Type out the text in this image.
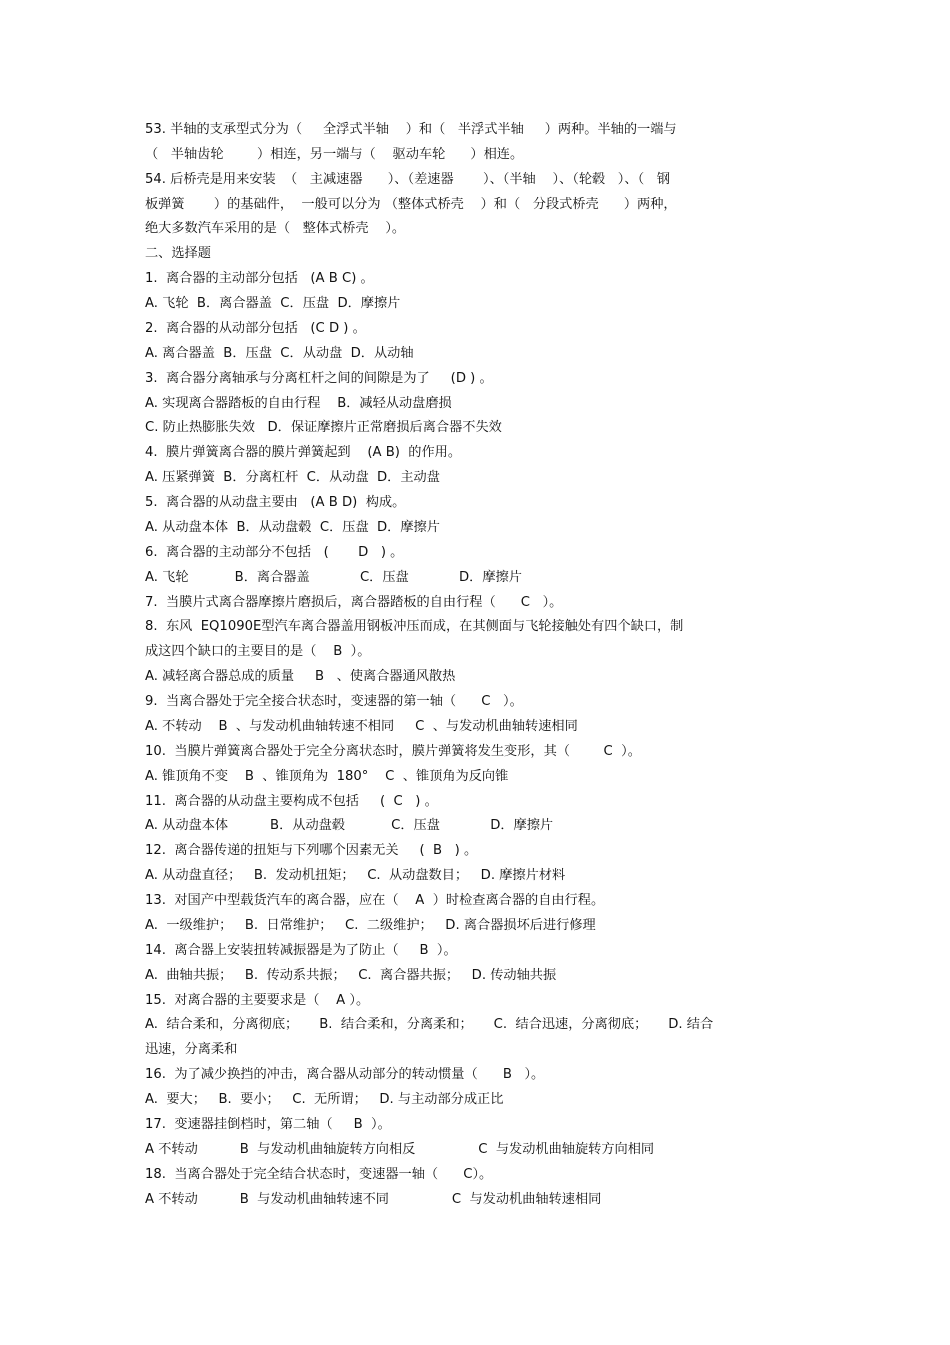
53. 半轴的支承型式分为（     全浮式半轴    ）和（   半浮式半轴     ）两种。半轴的一端与
（   半轴齿轮        ）相连，另一端与（    驱动车轮      ）相连。
54. 后桥壳是用来安装  （   主减速器      ）、（差速器       ）、（半轴    ）、（轮毂   ）、（   钢
板弹簧       ）的基础件，  一般可以分为 （整体式桥壳    ）和（   分段式桥壳      ）两种，
绝大多数汽车采用的是（   整体式桥壳    ）。
二、选择题
1.  离合器的主动部分包括   (A B C) 。
A. 飞轮  B．离合器盖  C．压盘  D．摩擦片
2.  离合器的从动部分包括   (C D ) 。
A. 离合器盖  B．压盘  C．从动盘  D．从动轴
3.  离合器分离轴承与分离杠杆之间的间隙是为了     (D ) 。
A. 实现离合器踏板的自由行程    B．减轻从动盘磨损
C. 防止热膨胀失效   D．保证摩擦片正常磨损后离合器不失效
4.  膜片弹簧离合器的膜片弹簧起到    (A B)  的作用。
A. 压紧弹簧  B．分离杠杆  C．从动盘  D．主动盘
5.  离合器的从动盘主要由   (A B D)  构成。
A. 从动盘本体  B．从动盘毂  C．压盘  D．摩擦片
6.  离合器的主动部分不包括   (       D   ) 。
A. 飞轮           B．离合器盖            C．压盘            D．摩擦片
7.  当膜片式离合器摩擦片磨损后，离合器踏板的自由行程（      C   ）。
8.  东风  EQ1090E型汽车离合器盖用钢板冲压而成，在其侧面与飞轮接触处有四个缺口，制
成这四个缺口的主要目的是（    B  ）。
A. 减轻离合器总成的质量     B   、使离合器通风散热
9.  当离合器处于完全接合状态时，变速器的第一轴（      C   ）。
A. 不转动    B  、与发动机曲轴转速不相同     C  、与发动机曲轴转速相同
10.  当膜片弹簧离合器处于完全分离状态时，膜片弹簧将发生变形，其（        C  ）。
A. 锥顶角不变    B  、锥顶角为  180°    C  、锥顶角为反向锥
11.  离合器的从动盘主要构成不包括     (  C   ) 。
A. 从动盘本体          B．从动盘毂           C．压盘            D．摩擦片
12.  离合器传递的扭矩与下列哪个因素无关     (  B   ) 。
A. 从动盘直径；   B.  发动机扭矩；   C.  从动盘数目；   D. 摩擦片材料
13.  对国产中型载货汽车的离合器，应在（    A  ）时检查离合器的自由行程。
A.  一级维护；   B.  日常维护；   C.  二级维护；   D. 离合器损坏后进行修理
14.  离合器上安装扭转减振器是为了防止（     B  ）。
A.  曲轴共振；   B.  传动系共振；   C.  离合器共振；   D. 传动轴共振
15.  对离合器的主要要求是（    A ）。
A.  结合柔和，分离彻底；     B.  结合柔和，分离柔和；     C.  结合迅速，分离彻底；     D. 结合
迅速，分离柔和
16.  为了减少换挡的冲击，离合器从动部分的转动惯量（      B   ）。
A.  要大；   B.  要小；   C.  无所谓；   D. 与主动部分成正比
17.  变速器挂倒档时，第二轴（     B  ）。
A 不转动          B  与发动机曲轴旋转方向相反               C  与发动机曲轴旋转方向相同
18.  当离合器处于完全结合状态时，变速器一轴（      C）。
A 不转动          B  与发动机曲轴转速不同               C  与发动机曲轴转速相同
